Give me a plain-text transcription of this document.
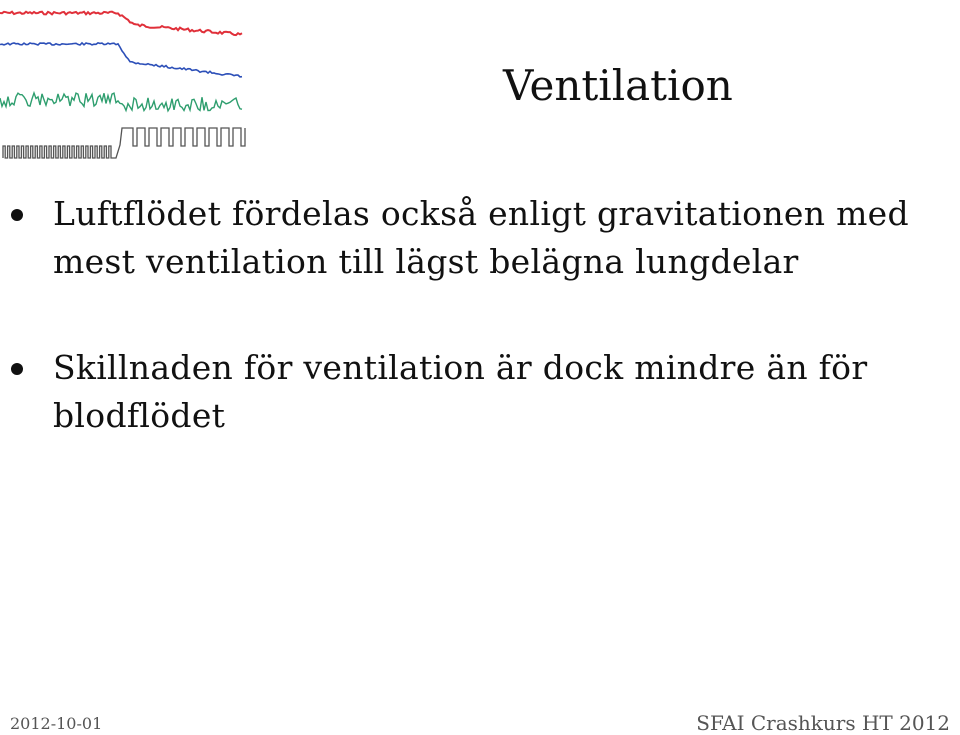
Ventilation
Luftflödet fördelas också enligt gravitationen med mest ventilation till lägst belägna lungdelar
Skillnaden för ventilation är dock mindre än för blodflödet
2012-10-01	SFAI Crashkurs HT 2012
